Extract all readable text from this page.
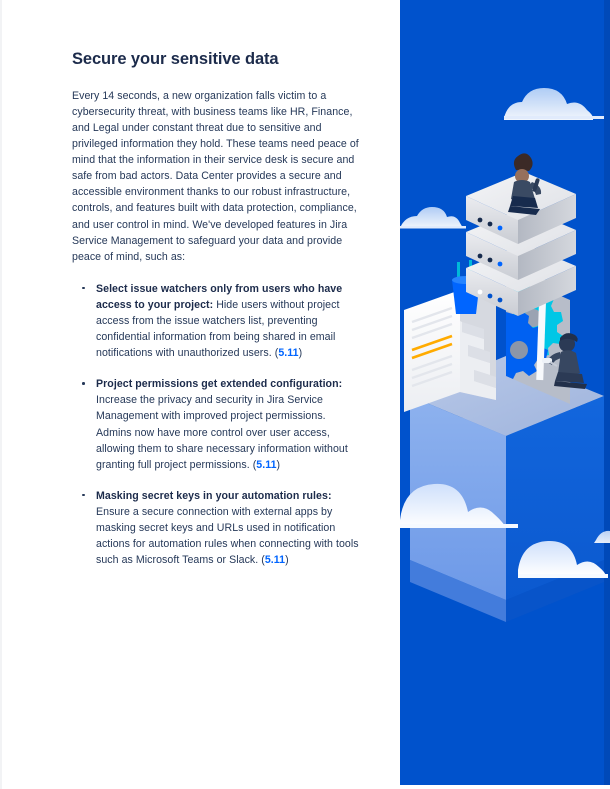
Secure your sensitive data

Every 14 seconds, a new organization falls victim to a cybersecurity threat, with business teams like HR, Finance, and Legal under constant threat due to sensitive and privileged information they hold. These teams need peace of mind that the information in their service desk is secure and safe from bad actors. Data Center provides a secure and accessible environment thanks to our robust infrastructure, controls, and features built with data protection, compliance, and user control in mind. We've developed features in Jira Service Management to safeguard your data and provide peace of mind, such as:

Select issue watchers only from users who have access to your project: Hide users without project access from the issue watchers list, preventing confidential information from being shared in email notifications with unauthorized users. (5.11)
Project permissions get extended configuration: Increase the privacy and security in Jira Service Management with improved project permissions. Admins now have more control over user access, allowing them to share necessary information without granting full project permissions. (5.11)
Masking secret keys in your automation rules: Ensure a secure connection with external apps by masking secret keys and URLs used in notification actions for automation rules when connecting with tools such as Microsoft Teams or Slack. (5.11)
